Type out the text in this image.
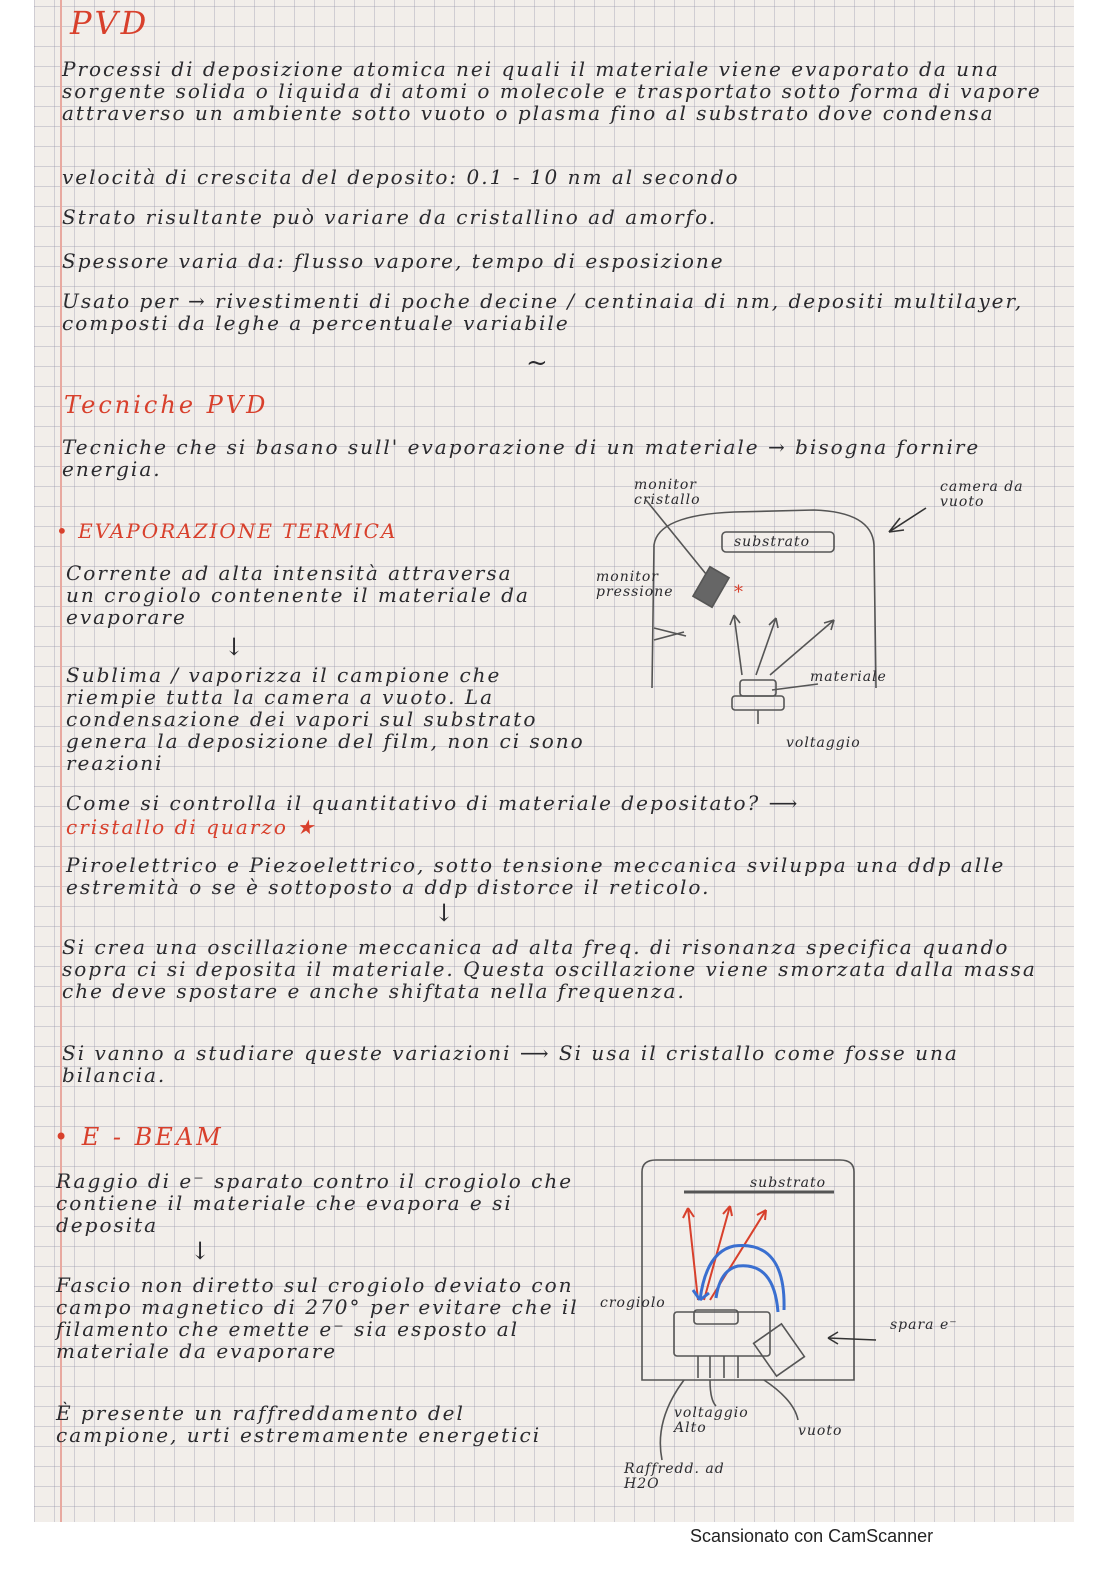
*
PVD
Processi di deposizione atomica nei quali il materiale viene evaporato da una sorgente solida o liquida di atomi o molecole e trasportato sotto forma di vapore attraverso un ambiente sotto vuoto o plasma fino al substrato dove condensa
velocità di crescita del deposito: 0.1 - 10 nm al secondo
Strato risultante può variare da cristallino ad amorfo.
Spessore varia da: flusso vapore, tempo di esposizione
Usato per → rivestimenti di poche decine / centinaia di nm, depositi multilayer, composti da leghe a percentuale variabile
~
Tecniche PVD
Tecniche che si basano sull' evaporazione di un materiale → bisogna fornire energia.
• EVAPORAZIONE TERMICA
Corrente ad alta intensità attraversa un crogiolo contenente il materiale da evaporare
↓
Sublima / vaporizza il campione che riempie tutta la camera a vuoto. La condensazione dei vapori sul substrato genera la deposizione del film, non ci sono reazioni
monitor cristallo
camera da vuoto
substrato
monitor pressione
materiale
voltaggio
Come si controlla il quantitativo di materiale depositato? ⟶
cristallo di quarzo ★
Piroelettrico e Piezoelettrico, sotto tensione meccanica sviluppa una ddp alle estremità o se è sottoposto a ddp distorce il reticolo.
↓
Si crea una oscillazione meccanica ad alta freq. di risonanza specifica quando sopra ci si deposita il materiale. Questa oscillazione viene smorzata dalla massa che deve spostare e anche shiftata nella frequenza.
Si vanno a studiare queste variazioni ⟶ Si usa il cristallo come fosse una bilancia.
• E - BEAM
Raggio di e⁻ sparato contro il crogiolo che contiene il materiale che evapora e si deposita
↓
Fascio non diretto sul crogiolo deviato con campo magnetico di 270° per evitare che il filamento che emette e⁻ sia esposto al materiale da evaporare
È presente un raffreddamento del campione, urti estremamente energetici
substrato
crogiolo
spara e⁻
voltaggio Alto	vuoto
Raffredd. ad H2O
Scansionato con CamScanner
